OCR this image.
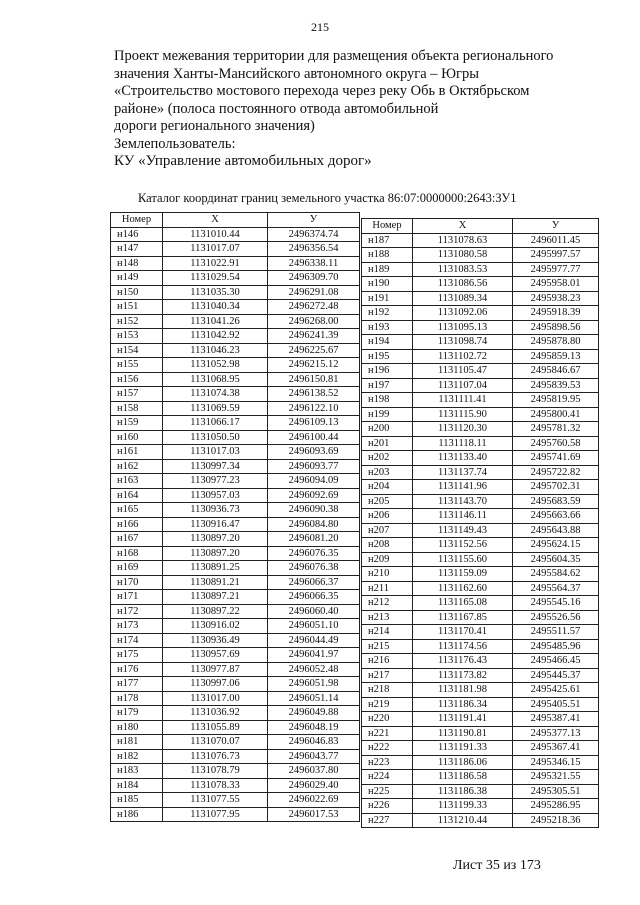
215
Проект межевания территории для размещения объекта регионального
значения Ханты-Мансийского автономного округа – Югры
«Строительство мостового перехода через реку Обь в Октябрьском
районе» (полоса постоянного отвода автомобильной
дороги регионального значения)
Землепользователь:
КУ «Управление автомобильных дорог»
Каталог координат границ земельного участка 86:07:0000000:2643:ЗУ1
Номер	X	У
н146	1131010.44	2496374.74
н147	1131017.07	2496356.54
н148	1131022.91	2496338.11
н149	1131029.54	2496309.70
н150	1131035.30	2496291.08
н151	1131040.34	2496272.48
н152	1131041.26	2496268.00
н153	1131042.92	2496241.39
н154	1131046.23	2496225.67
н155	1131052.98	2496215.12
н156	1131068.95	2496150.81
н157	1131074.38	2496138.52
н158	1131069.59	2496122.10
н159	1131066.17	2496109.13
н160	1131050.50	2496100.44
н161	1131017.03	2496093.69
н162	1130997.34	2496093.77
н163	1130977.23	2496094.09
н164	1130957.03	2496092.69
н165	1130936.73	2496090.38
н166	1130916.47	2496084.80
н167	1130897.20	2496081.20
н168	1130897.20	2496076.35
н169	1130891.25	2496076.38
н170	1130891.21	2496066.37
н171	1130897.21	2496066.35
н172	1130897.22	2496060.40
н173	1130916.02	2496051.10
н174	1130936.49	2496044.49
н175	1130957.69	2496041.97
н176	1130977.87	2496052.48
н177	1130997.06	2496051.98
н178	1131017.00	2496051.14
н179	1131036.92	2496049.88
н180	1131055.89	2496048.19
н181	1131070.07	2496046.83
н182	1131076.73	2496043.77
н183	1131078.79	2496037.80
н184	1131078.33	2496029.40
н185	1131077.55	2496022.69
н186	1131077.95	2496017.53
Номер	X	У
н187	1131078.63	2496011.45
н188	1131080.58	2495997.57
н189	1131083.53	2495977.77
н190	1131086.56	2495958.01
н191	1131089.34	2495938.23
н192	1131092.06	2495918.39
н193	1131095.13	2495898.56
н194	1131098.74	2495878.80
н195	1131102.72	2495859.13
н196	1131105.47	2495846.67
н197	1131107.04	2495839.53
н198	1131111.41	2495819.95
н199	1131115.90	2495800.41
н200	1131120.30	2495781.32
н201	1131118.11	2495760.58
н202	1131133.40	2495741.69
н203	1131137.74	2495722.82
н204	1131141.96	2495702.31
н205	1131143.70	2495683.59
н206	1131146.11	2495663.66
н207	1131149.43	2495643.88
н208	1131152.56	2495624.15
н209	1131155.60	2495604.35
н210	1131159.09	2495584.62
н211	1131162.60	2495564.37
н212	1131165.08	2495545.16
н213	1131167.85	2495526.56
н214	1131170.41	2495511.57
н215	1131174.56	2495485.96
н216	1131176.43	2495466.45
н217	1131173.82	2495445.37
н218	1131181.98	2495425.61
н219	1131186.34	2495405.51
н220	1131191.41	2495387.41
н221	1131190.81	2495377.13
н222	1131191.33	2495367.41
н223	1131186.06	2495346.15
н224	1131186.58	2495321.55
н225	1131186.38	2495305.51
н226	1131199.33	2495286.95
н227	1131210.44	2495218.36
Лист 35 из 173
